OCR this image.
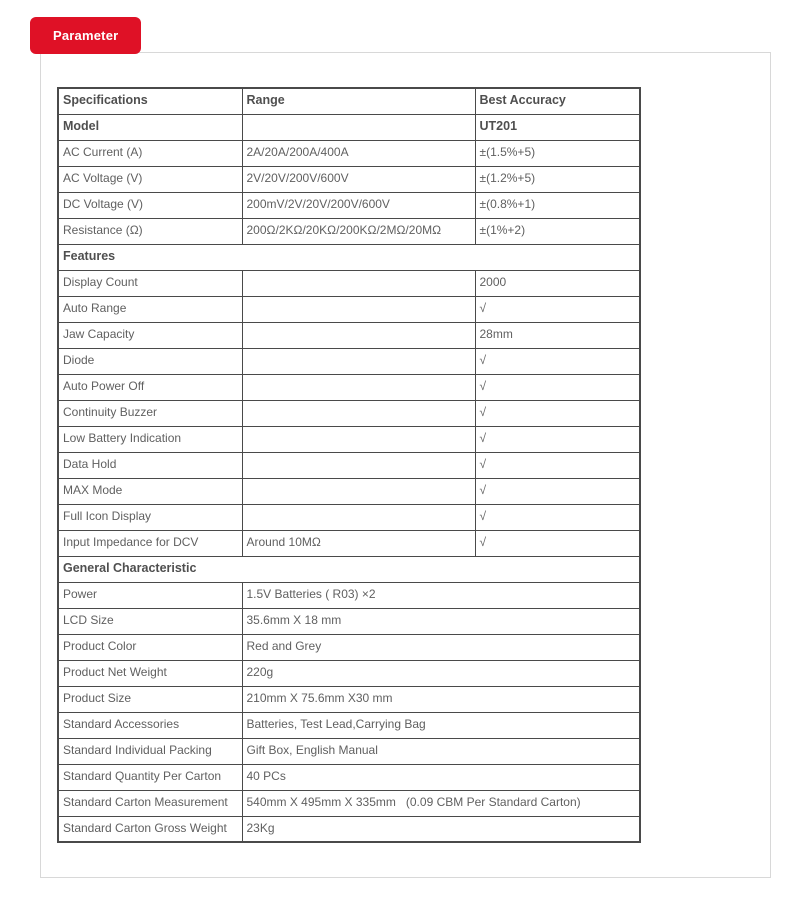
Parameter
Specifications	Range	Best Accuracy
Model		UT201
AC Current (A)	2A/20A/200A/400A	±(1.5%+5)
AC Voltage (V)	2V/20V/200V/600V	±(1.2%+5)
DC Voltage (V)	200mV/2V/20V/200V/600V	±(0.8%+1)
Resistance (Ω)	200Ω/2KΩ/20KΩ/200KΩ/2MΩ/20MΩ	±(1%+2)
Features		
Display Count		2000
Auto Range		√
Jaw Capacity		28mm
Diode		√
Auto Power Off		√
Continuity Buzzer		√
Low Battery Indication		√
Data Hold		√
MAX Mode		√
Full Icon Display		√
Input Impedance for DCV	Around 10MΩ	√
General Characteristic		
Power	1.5V Batteries ( R03) ×2	
LCD Size	35.6mm X 18 mm	
Product Color	Red and Grey	
Product Net Weight	220g	
Product Size	210mm X 75.6mm X30 mm	
Standard Accessories	Batteries, Test Lead,Carrying Bag	
Standard Individual Packing	Gift Box, English Manual	
Standard Quantity Per Carton	40 PCs	
Standard Carton Measurement	540mm X 495mm X 335mm   (0.09 CBM Per Standard Carton)	
Standard Carton Gross Weight	23Kg	
